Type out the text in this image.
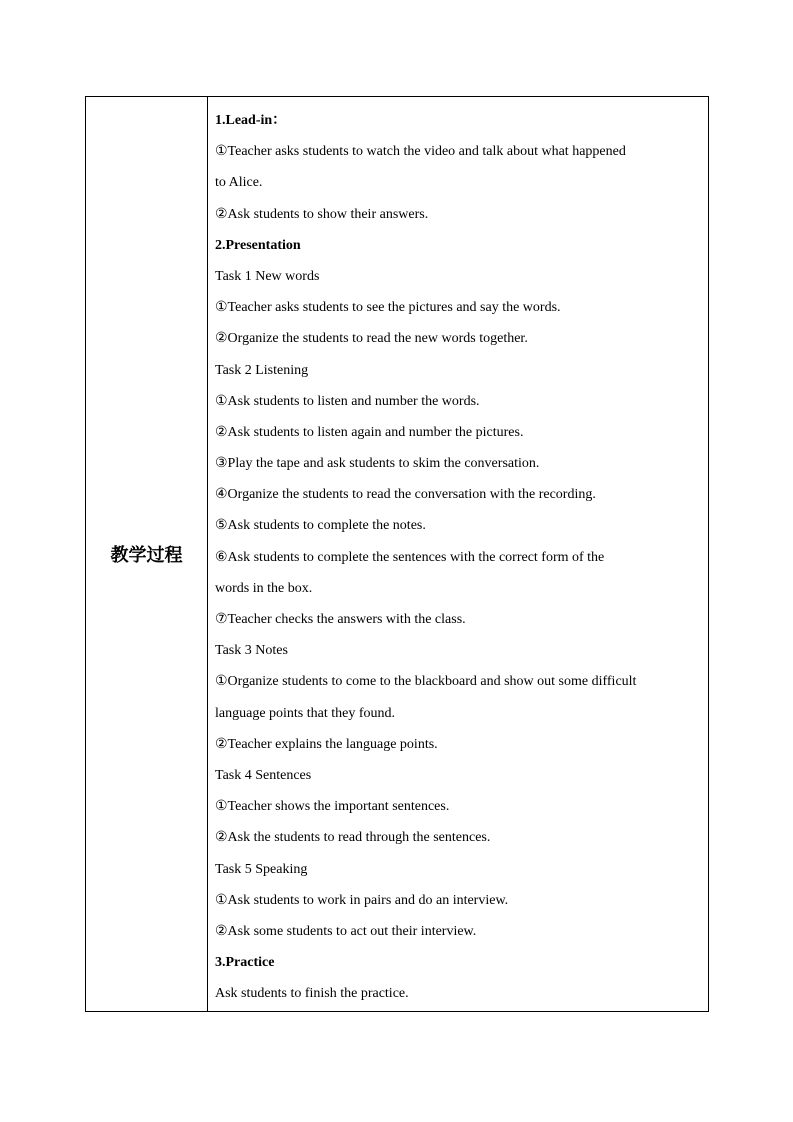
教学过程
1.Lead-in：
①Teacher asks students to watch the video and talk about what happened
to Alice.
②Ask students to show their answers.
2.Presentation
Task 1 New words
①Teacher asks students to see the pictures and say the words.
②Organize the students to read the new words together.
Task 2 Listening
①Ask students to listen and number the words.
②Ask students to listen again and number the pictures.
③Play the tape and ask students to skim the conversation.
④Organize the students to read the conversation with the recording.
⑤Ask students to complete the notes.
⑥Ask students to complete the sentences with the correct form of the
words in the box.
⑦Teacher checks the answers with the class.
Task 3 Notes
①Organize students to come to the blackboard and show out some difficult
language points that they found.
②Teacher explains the language points.
Task 4 Sentences
①Teacher shows the important sentences.
②Ask the students to read through the sentences.
Task 5 Speaking
①Ask students to work in pairs and do an interview.
②Ask some students to act out their interview.
3.Practice
Ask students to finish the practice.
